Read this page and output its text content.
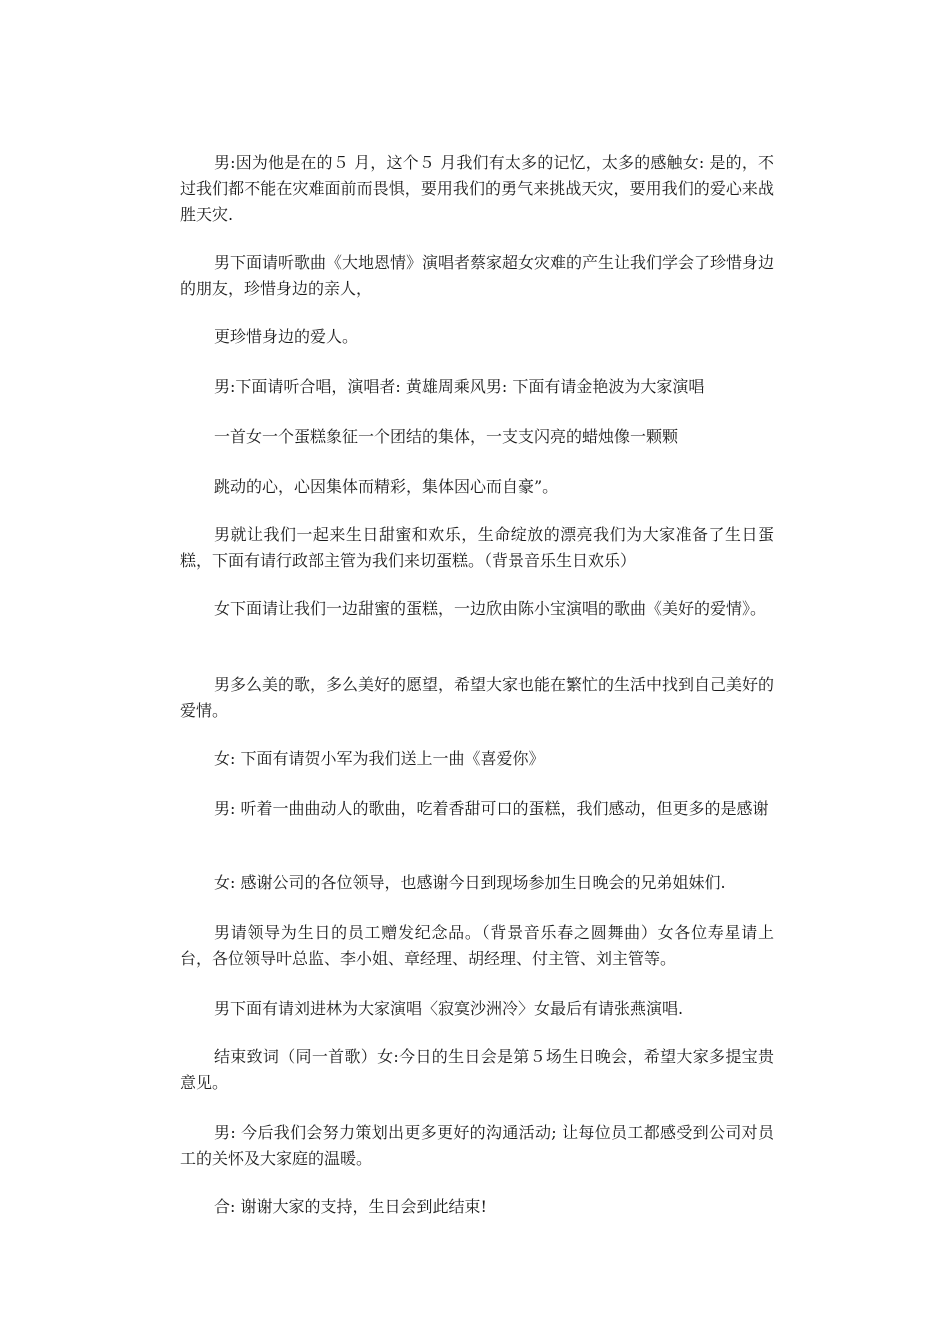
男:因为他是在的５ 月，这个５ 月我们有太多的记忆，太多的感触女: 是的，不过我们都不能在灾难面前而畏惧，要用我们的勇气来挑战天灾，要用我们的爱心来战胜天灾.

男下面请听歌曲《大地恩情》演唱者蔡家超女灾难的产生让我们学会了珍惜身边的朋友，珍惜身边的亲人，

更珍惜身边的爱人。

男:下面请听合唱，演唱者: 黄雄周乘风男: 下面有请金艳波为大家演唱

一首女一个蛋糕象征一个团结的集体，一支支闪亮的蜡烛像一颗颗

跳动的心，心因集体而精彩，集体因心而自豪”。

男就让我们一起来生日甜蜜和欢乐，生命绽放的漂亮我们为大家准备了生日蛋糕，下面有请行政部主管为我们来切蛋糕。（背景音乐生日欢乐）

女下面请让我们一边甜蜜的蛋糕，一边欣由陈小宝演唱的歌曲《美好的爱情》。

男多么美的歌，多么美好的愿望，希望大家也能在繁忙的生活中找到自己美好的爱情。

女: 下面有请贺小军为我们送上一曲《喜爱你》

男: 听着一曲曲动人的歌曲，吃着香甜可口的蛋糕，我们感动，但更多的是感谢

女: 感谢公司的各位领导，也感谢今日到现场参加生日晚会的兄弟姐妹们.

男请领导为生日的员工赠发纪念品。（背景音乐春之圆舞曲）女各位寿星请上台，各位领导叶总监、李小姐、章经理、胡经理、付主管、刘主管等。

男下面有请刘进林为大家演唱〈寂寞沙洲冷〉女最后有请张燕演唱.

结束致词（同一首歌）女:今日的生日会是第５场生日晚会，希望大家多提宝贵意见。

男: 今后我们会努力策划出更多更好的沟通活动; 让每位员工都感受到公司对员工的关怀及大家庭的温暖。

合: 谢谢大家的支持，生日会到此结束!
